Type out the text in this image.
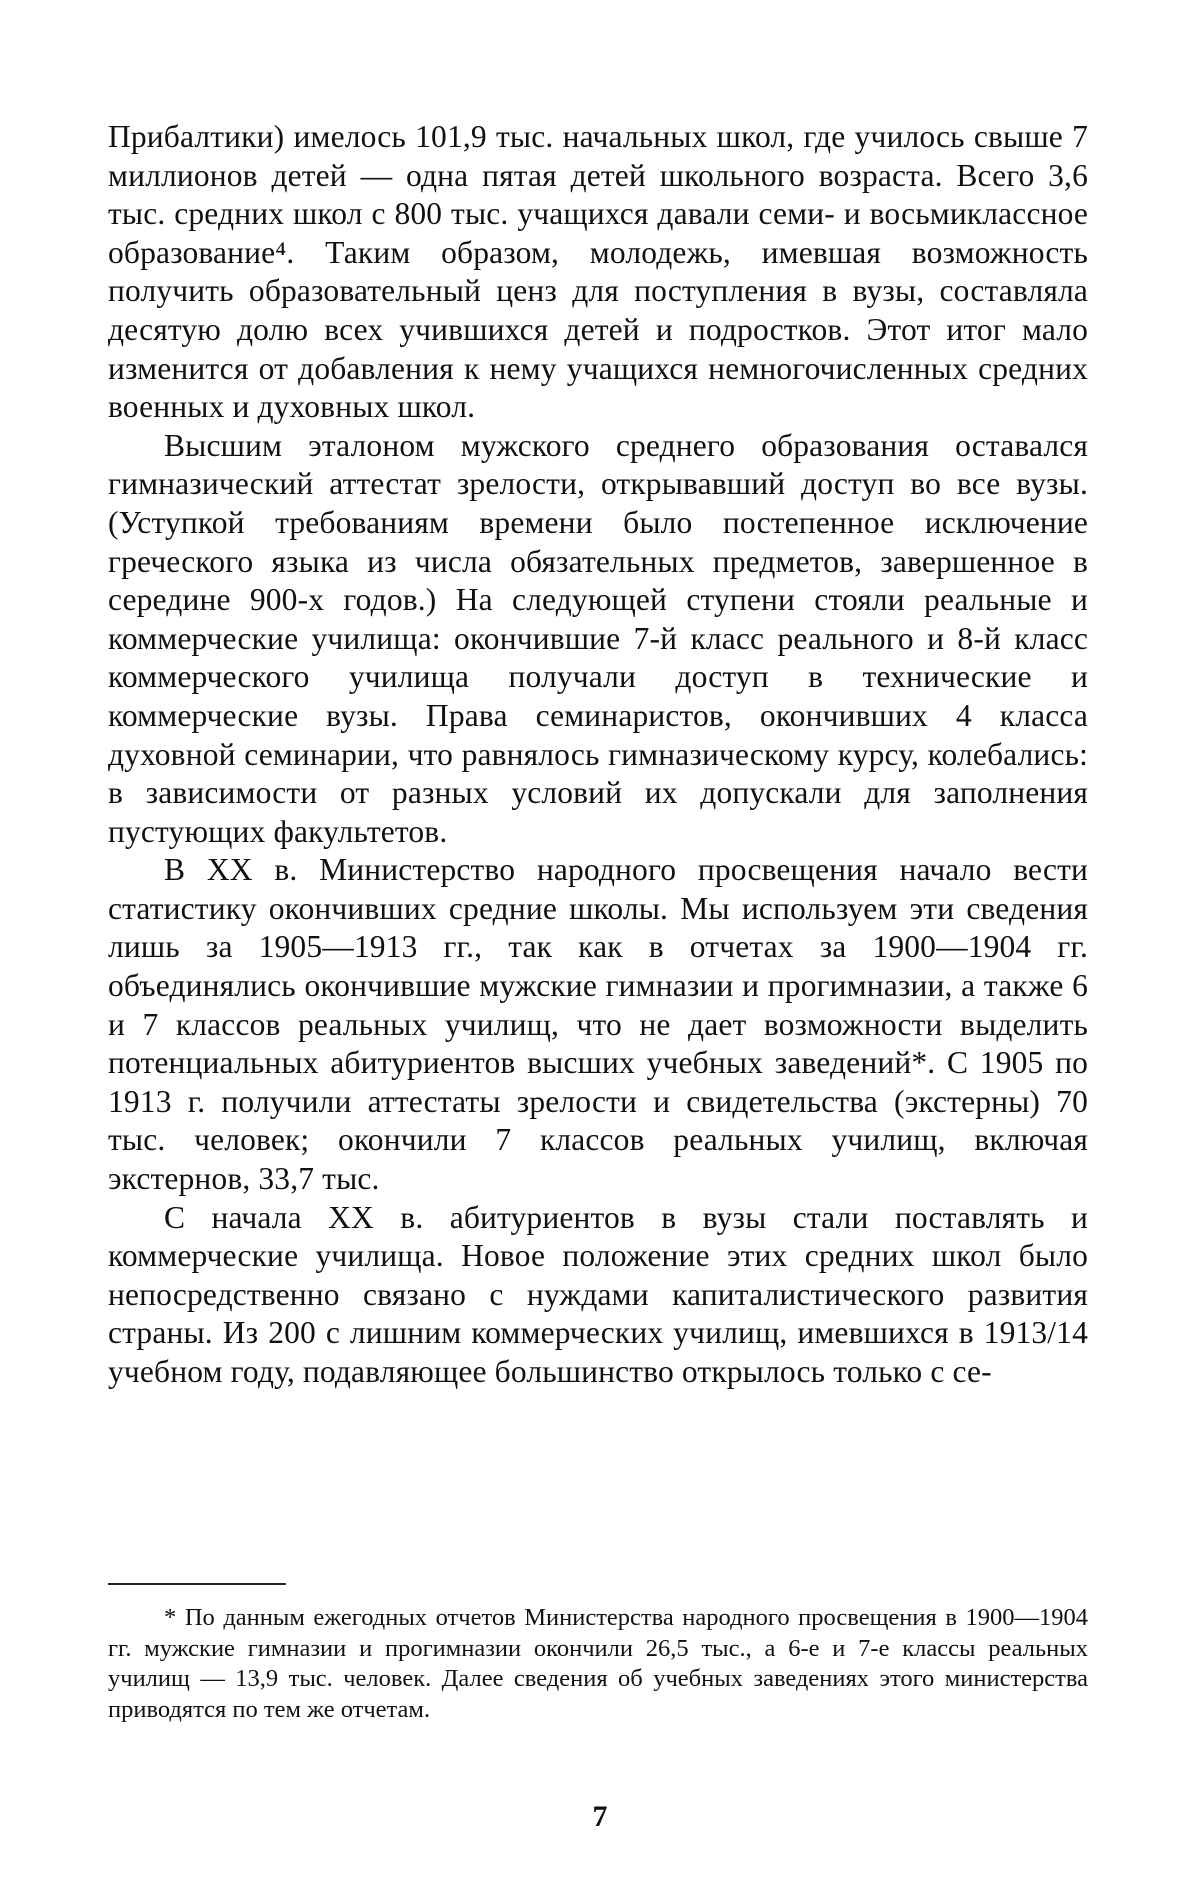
Прибалтики) имелось 101,9 тыс. начальных школ, где училось свыше 7 миллионов детей — одна пятая детей школьного возраста. Всего 3,6 тыс. средних школ с 800 тыс. учащихся давали семи- и восьмиклассное образование⁴. Таким образом, молодежь, имевшая возможность получить образовательный ценз для поступления в вузы, составляла десятую долю всех учившихся детей и подростков. Этот итог мало изменится от добавления к нему учащихся немногочисленных средних военных и духовных школ.

Высшим эталоном мужского среднего образования оставался гимназический аттестат зрелости, открывавший доступ во все вузы. (Уступкой требованиям времени было постепенное исключение греческого языка из числа обязательных предметов, завершенное в середине 900-х годов.) На следующей ступени стояли реальные и коммерческие училища: окончившие 7-й класс реального и 8-й класс коммерческого училища получали доступ в технические и коммерческие вузы. Права семинаристов, окончивших 4 класса духовной семинарии, что равнялось гимназическому курсу, колебались: в зависимости от разных условий их допускали для заполнения пустующих факультетов.

В XX в. Министерство народного просвещения начало вести статистику окончивших средние школы. Мы используем эти сведения лишь за 1905—1913 гг., так как в отчетах за 1900—1904 гг. объединялись окончившие мужские гимназии и прогимназии, а также 6 и 7 классов реальных училищ, что не дает возможности выделить потенциальных абитуриентов высших учебных заведений*. С 1905 по 1913 г. получили аттестаты зрелости и свидетельства (экстерны) 70 тыс. человек; окончили 7 классов реальных училищ, включая экстернов, 33,7 тыс.

С начала XX в. абитуриентов в вузы стали поставлять и коммерческие училища. Новое положение этих средних школ было непосредственно связано с нуждами капиталистического развития страны. Из 200 с лишним коммерческих училищ, имевшихся в 1913/14 учебном году, подавляющее большинство открылось только с се-

* По данным ежегодных отчетов Министерства народного просвещения в 1900—1904 гг. мужские гимназии и прогимназии окончили 26,5 тыс., а 6-е и 7-е классы реальных училищ — 13,9 тыс. человек. Далее сведения об учебных заведениях этого министерства приводятся по тем же отчетам.

7
